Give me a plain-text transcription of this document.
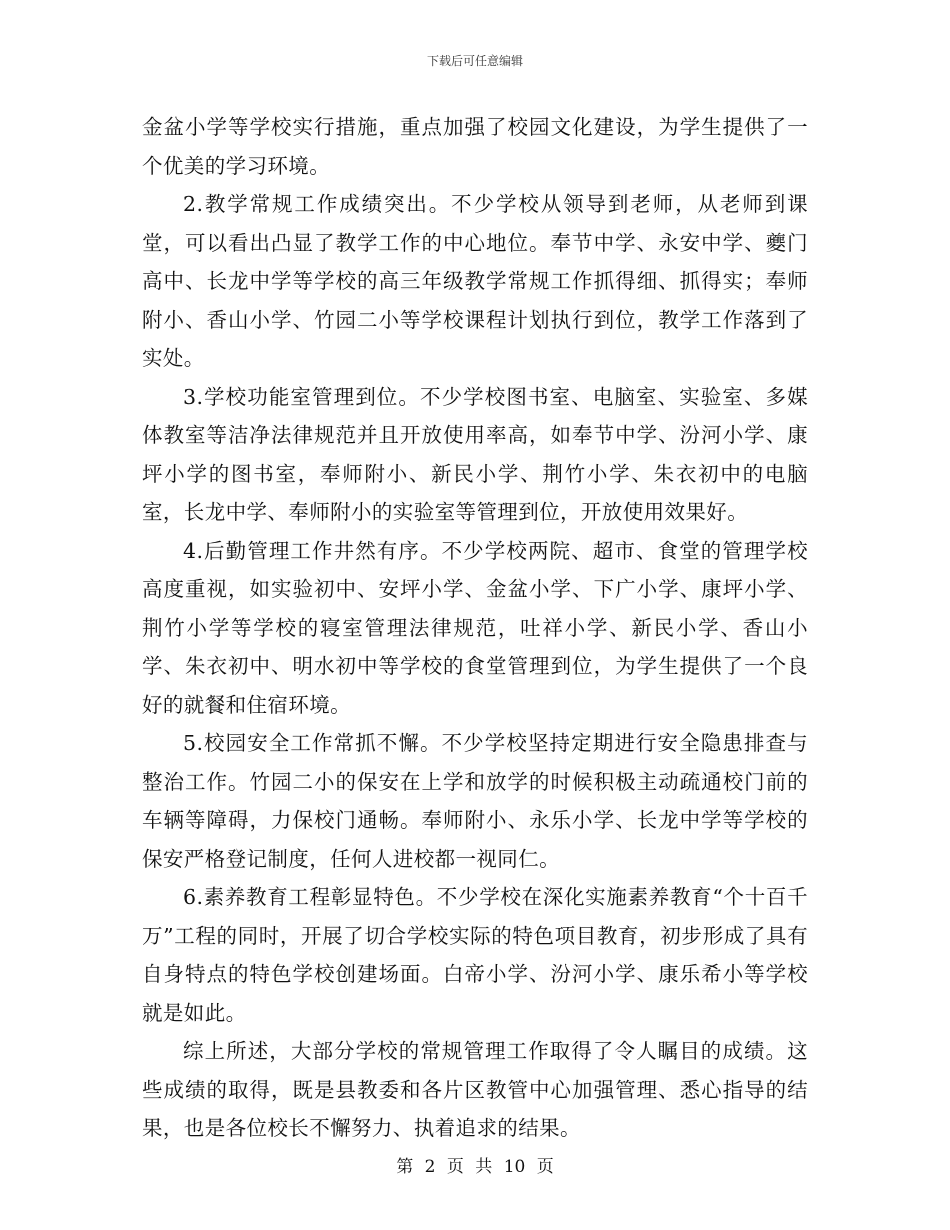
下载后可任意编辑

金盆小学等学校实行措施，重点加强了校园文化建设，为学生提供了一个优美的学习环境。

2.教学常规工作成绩突出。不少学校从领导到老师，从老师到课堂，可以看出凸显了教学工作的中心地位。奉节中学、永安中学、夔门高中、长龙中学等学校的高三年级教学常规工作抓得细、抓得实；奉师附小、香山小学、竹园二小等学校课程计划执行到位，教学工作落到了实处。

3.学校功能室管理到位。不少学校图书室、电脑室、实验室、多媒体教室等洁净法律规范并且开放使用率高，如奉节中学、汾河小学、康坪小学的图书室，奉师附小、新民小学、荆竹小学、朱衣初中的电脑室，长龙中学、奉师附小的实验室等管理到位，开放使用效果好。

4.后勤管理工作井然有序。不少学校两院、超市、食堂的管理学校高度重视，如实验初中、安坪小学、金盆小学、下广小学、康坪小学、荆竹小学等学校的寝室管理法律规范，吐祥小学、新民小学、香山小学、朱衣初中、明水初中等学校的食堂管理到位，为学生提供了一个良好的就餐和住宿环境。

5.校园安全工作常抓不懈。不少学校坚持定期进行安全隐患排查与整治工作。竹园二小的保安在上学和放学的时候积极主动疏通校门前的车辆等障碍，力保校门通畅。奉师附小、永乐小学、长龙中学等学校的保安严格登记制度，任何人进校都一视同仁。

6.素养教育工程彰显特色。不少学校在深化实施素养教育“个十百千万”工程的同时，开展了切合学校实际的特色项目教育，初步形成了具有自身特点的特色学校创建场面。白帝小学、汾河小学、康乐希小等学校就是如此。

综上所述，大部分学校的常规管理工作取得了令人瞩目的成绩。这些成绩的取得，既是县教委和各片区教管中心加强管理、悉心指导的结果，也是各位校长不懈努力、执着追求的结果。

第 2 页 共 10 页
